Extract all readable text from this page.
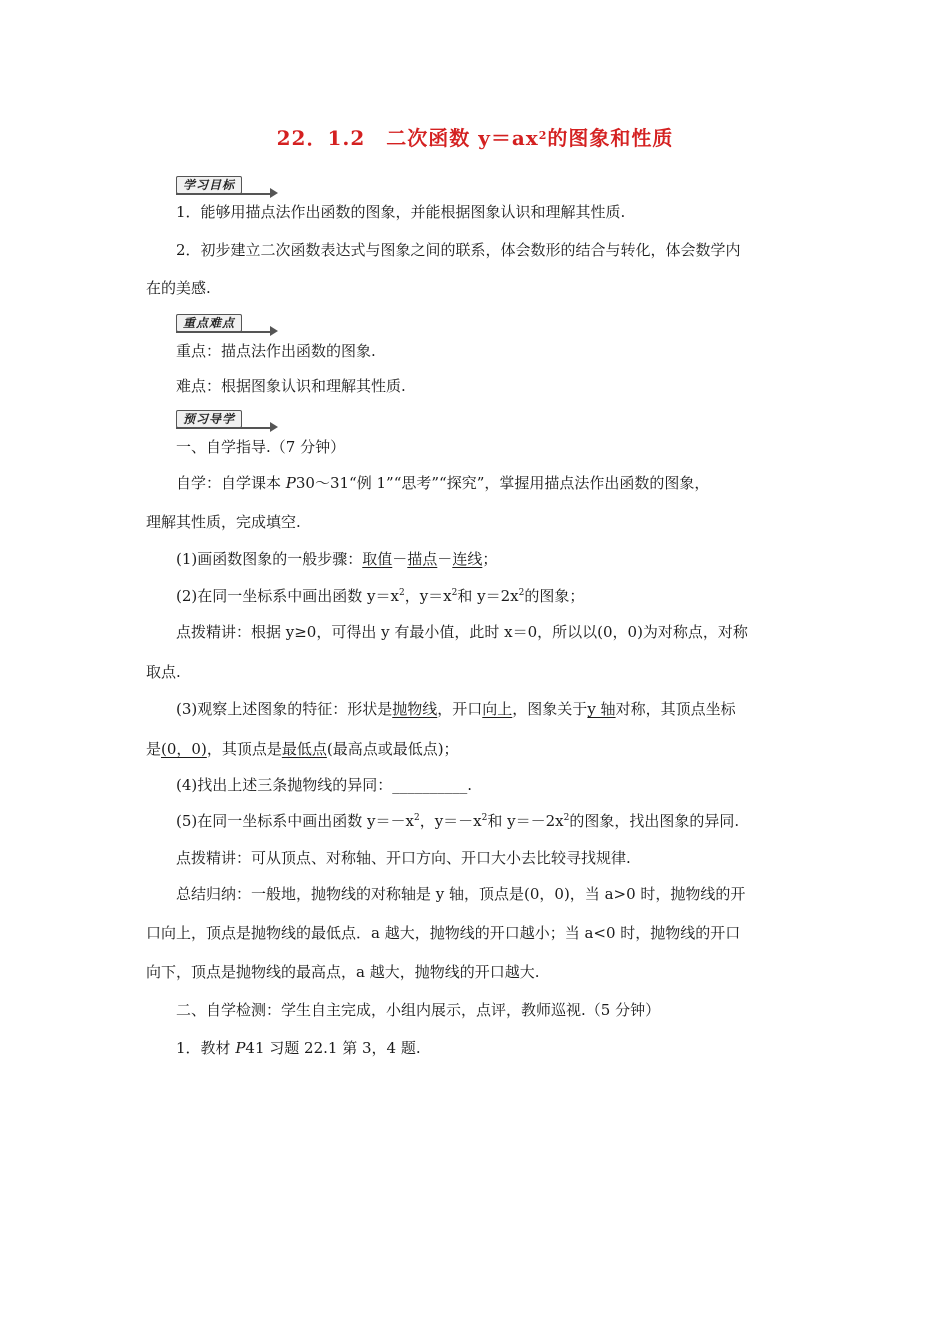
22．1.2　二次函数 $y=ax^2$的图象和性质
学习目标
1．能够用描点法作出函数的图象，并能根据图象认识和理解其性质.
2．初步建立二次函数表达式与图象之间的联系，体会数形的结合与转化，体会数学内
在的美感.
重点难点
重点：描点法作出函数的图象.
难点：根据图象认识和理解其性质.
预习导学
一、自学指导.（7 分钟）
自学：自学课本 P30～31“例 1”“思考”“探究”，掌握用描点法作出函数的图象，
理解其性质，完成填空.
(1)画函数图象的一般步骤：取值－描点－连线；
(2)在同一坐标系中画出函数 $y=x^2$，$y=x^2$和 $y=2x^2$的图象；
点拨精讲：根据 y≥0，可得出 y 有最小值，此时 x＝0，所以以(0，0)为对称点，对称
取点.
(3)观察上述图象的特征：形状是抛物线，开口向上，图象关于y 轴对称，其顶点坐标
是(0，0)，其顶点是最低点(最高点或最低点)；
(4)找出上述三条抛物线的异同：__________.
(5)在同一坐标系中画出函数 $y=-x^2$，$y=-x^2$和 $y=-2x^2$的图象，找出图象的异同.
点拨精讲：可从顶点、对称轴、开口方向、开口大小去比较寻找规律.
总结归纳：一般地，抛物线的对称轴是 y 轴，顶点是(0，0)，当 a>0 时，抛物线的开
口向上，顶点是抛物线的最低点．a 越大，抛物线的开口越小；当 a<0 时，抛物线的开口
向下，顶点是抛物线的最高点，a 越大，抛物线的开口越大.
二、自学检测：学生自主完成，小组内展示，点评，教师巡视.（5 分钟）
1．教材 P41 习题 22.1 第 3，4 题.
